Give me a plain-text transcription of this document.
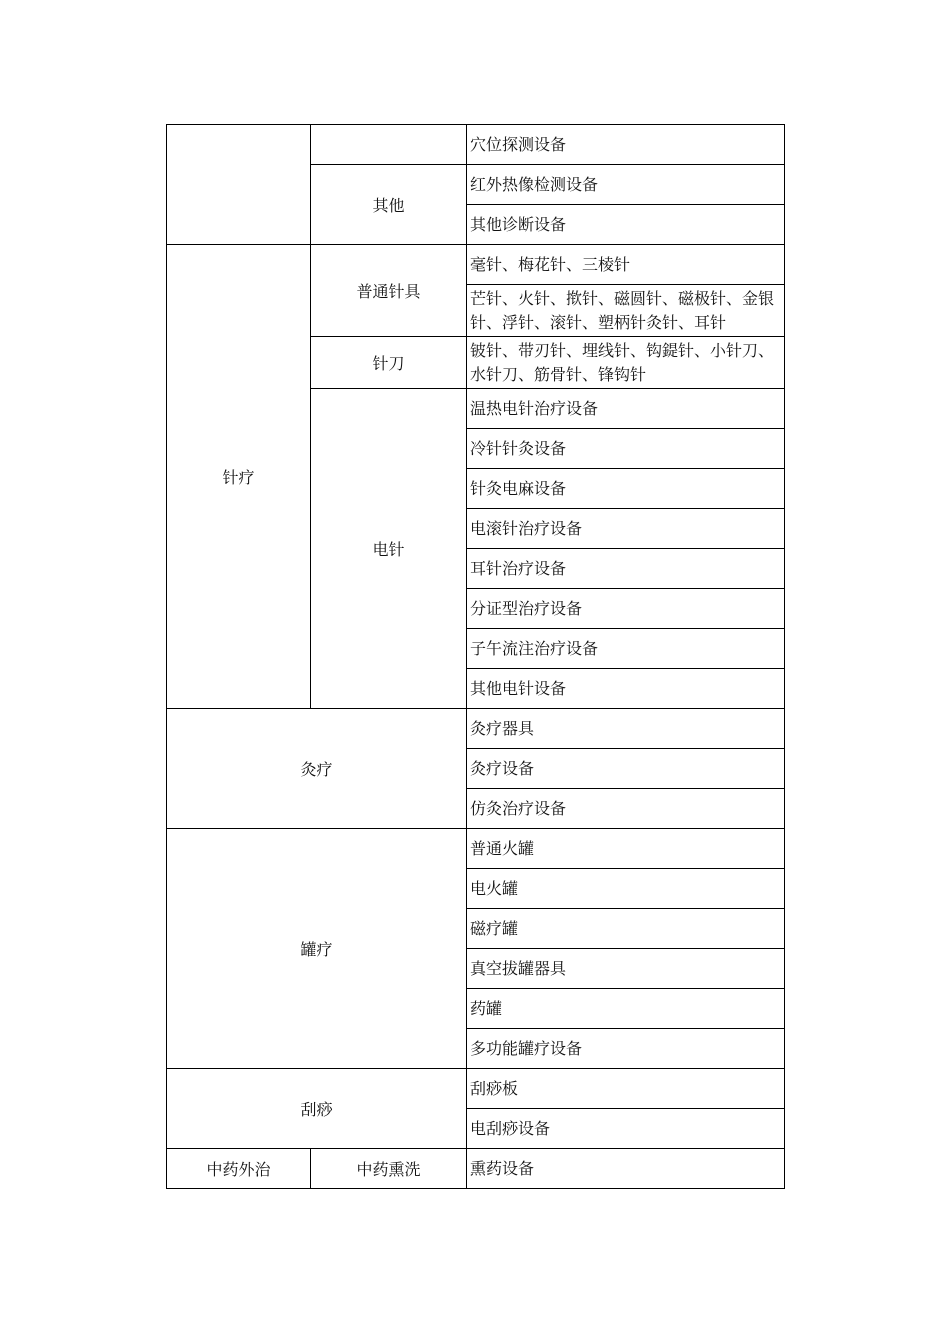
		穴位探测设备
	其他	红外热像检测设备
		其他诊断设备
针疗	普通针具	毫针、梅花针、三棱针
		芒针、火针、揿针、磁圆针、磁极针、金银针、浮针、滚针、塑柄针灸针、耳针
	针刀	铍针、带刃针、埋线针、钩鍉针、小针刀、水针刀、筋骨针、锋钩针
	电针	温热电针治疗设备
		冷针针灸设备
		针灸电麻设备
		电滚针治疗设备
		耳针治疗设备
		分证型治疗设备
		子午流注治疗设备
		其他电针设备
灸疗		灸疗器具
		灸疗设备
		仿灸治疗设备
罐疗		普通火罐
		电火罐
		磁疗罐
		真空拔罐器具
		药罐
		多功能罐疗设备
刮痧		刮痧板
		电刮痧设备
中药外治	中药熏洗	熏药设备
